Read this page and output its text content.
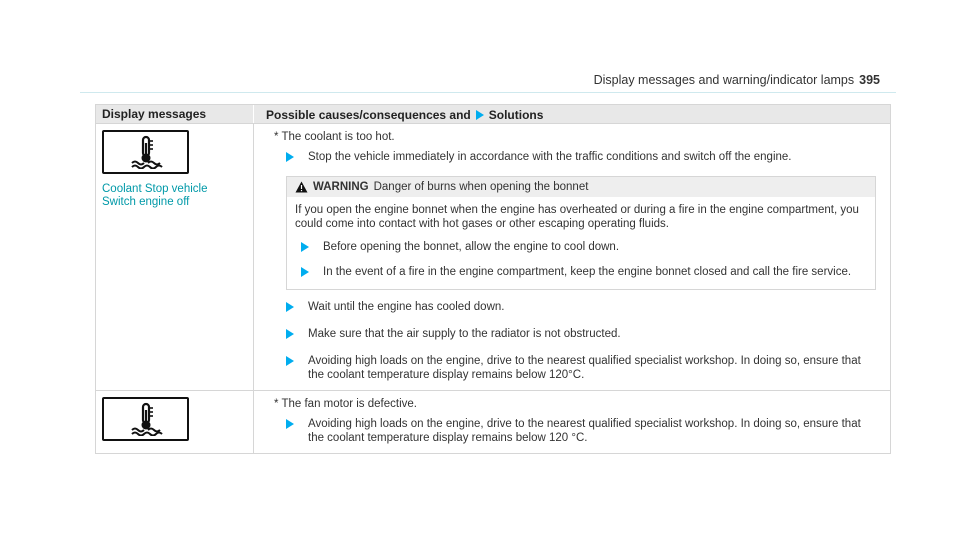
Display messages and warning/indicator lamps 395
Display messages	Possible causes/consequences and Solutions
Coolant Stop vehicle
Switch engine off
* The coolant is too hot.
Stop the vehicle immediately in accordance with the traffic conditions and switch off the engine.
WARNING Danger of burns when opening the bonnet
If you open the engine bonnet when the engine has overheated or during a fire in the engine compartment, you could come into contact with hot gases or other escaping operating fluids.
Before opening the bonnet, allow the engine to cool down.
In the event of a fire in the engine compartment, keep the engine bonnet closed and call the fire service.
Wait until the engine has cooled down.
Make sure that the air supply to the radiator is not obstructed.
Avoiding high loads on the engine, drive to the nearest qualified specialist workshop. In doing so, ensure that the coolant temperature display remains below 120°C.
* The fan motor is defective.
Avoiding high loads on the engine, drive to the nearest qualified specialist workshop. In doing so, ensure that the coolant temperature display remains below 120 °C.
